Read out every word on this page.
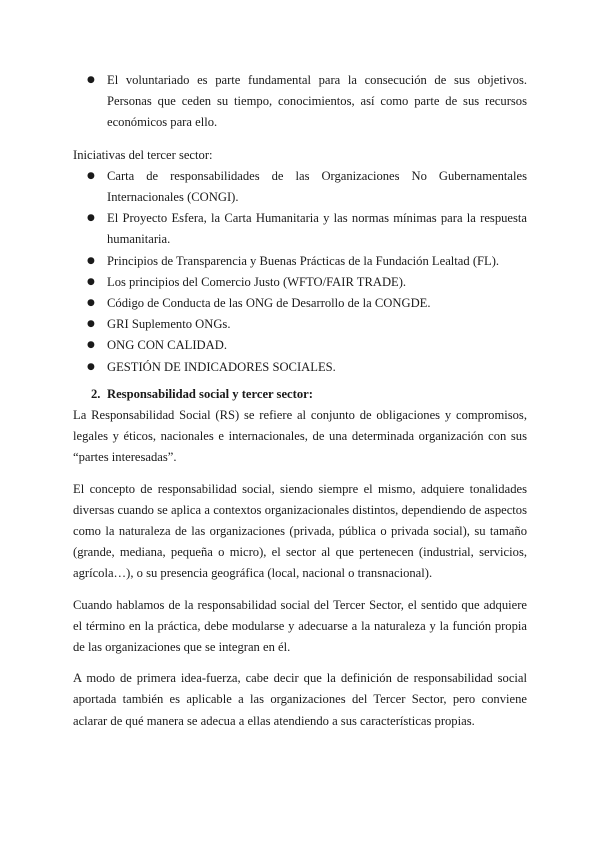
● El voluntariado es parte fundamental para la consecución de sus objetivos. Personas que ceden su tiempo, conocimientos, así como parte de sus recursos económicos para ello.

Iniciativas del tercer sector:

● Carta de responsabilidades de las Organizaciones No Gubernamentales Internacionales (CONGI).
● El Proyecto Esfera, la Carta Humanitaria y las normas mínimas para la respuesta humanitaria.
● Principios de Transparencia y Buenas Prácticas de la Fundación Lealtad (FL).
● Los principios del Comercio Justo (WFTO/FAIR TRADE).
● Código de Conducta de las ONG de Desarrollo de la CONGDE.
● GRI Suplemento ONGs.
● ONG CON CALIDAD.
● GESTIÓN DE INDICADORES SOCIALES.
2. Responsabilidad social y tercer sector:

La Responsabilidad Social (RS) se refiere al conjunto de obligaciones y compromisos, legales y éticos, nacionales e internacionales, de una determinada organización con sus “partes interesadas”.

El concepto de responsabilidad social, siendo siempre el mismo, adquiere tonalidades diversas cuando se aplica a contextos organizacionales distintos, dependiendo de aspectos como la naturaleza de las organizaciones (privada, pública o privada social), su tamaño (grande, mediana, pequeña o micro), el sector al que pertenecen (industrial, servicios, agrícola…), o su presencia geográfica (local, nacional o transnacional).

Cuando hablamos de la responsabilidad social del Tercer Sector, el sentido que adquiere el término en la práctica, debe modularse y adecuarse a la naturaleza y la función propia de las organizaciones que se integran en él.

A modo de primera idea-fuerza, cabe decir que la definición de responsabilidad social aportada también es aplicable a las organizaciones del Tercer Sector, pero conviene aclarar de qué manera se adecua a ellas atendiendo a sus características propias.
